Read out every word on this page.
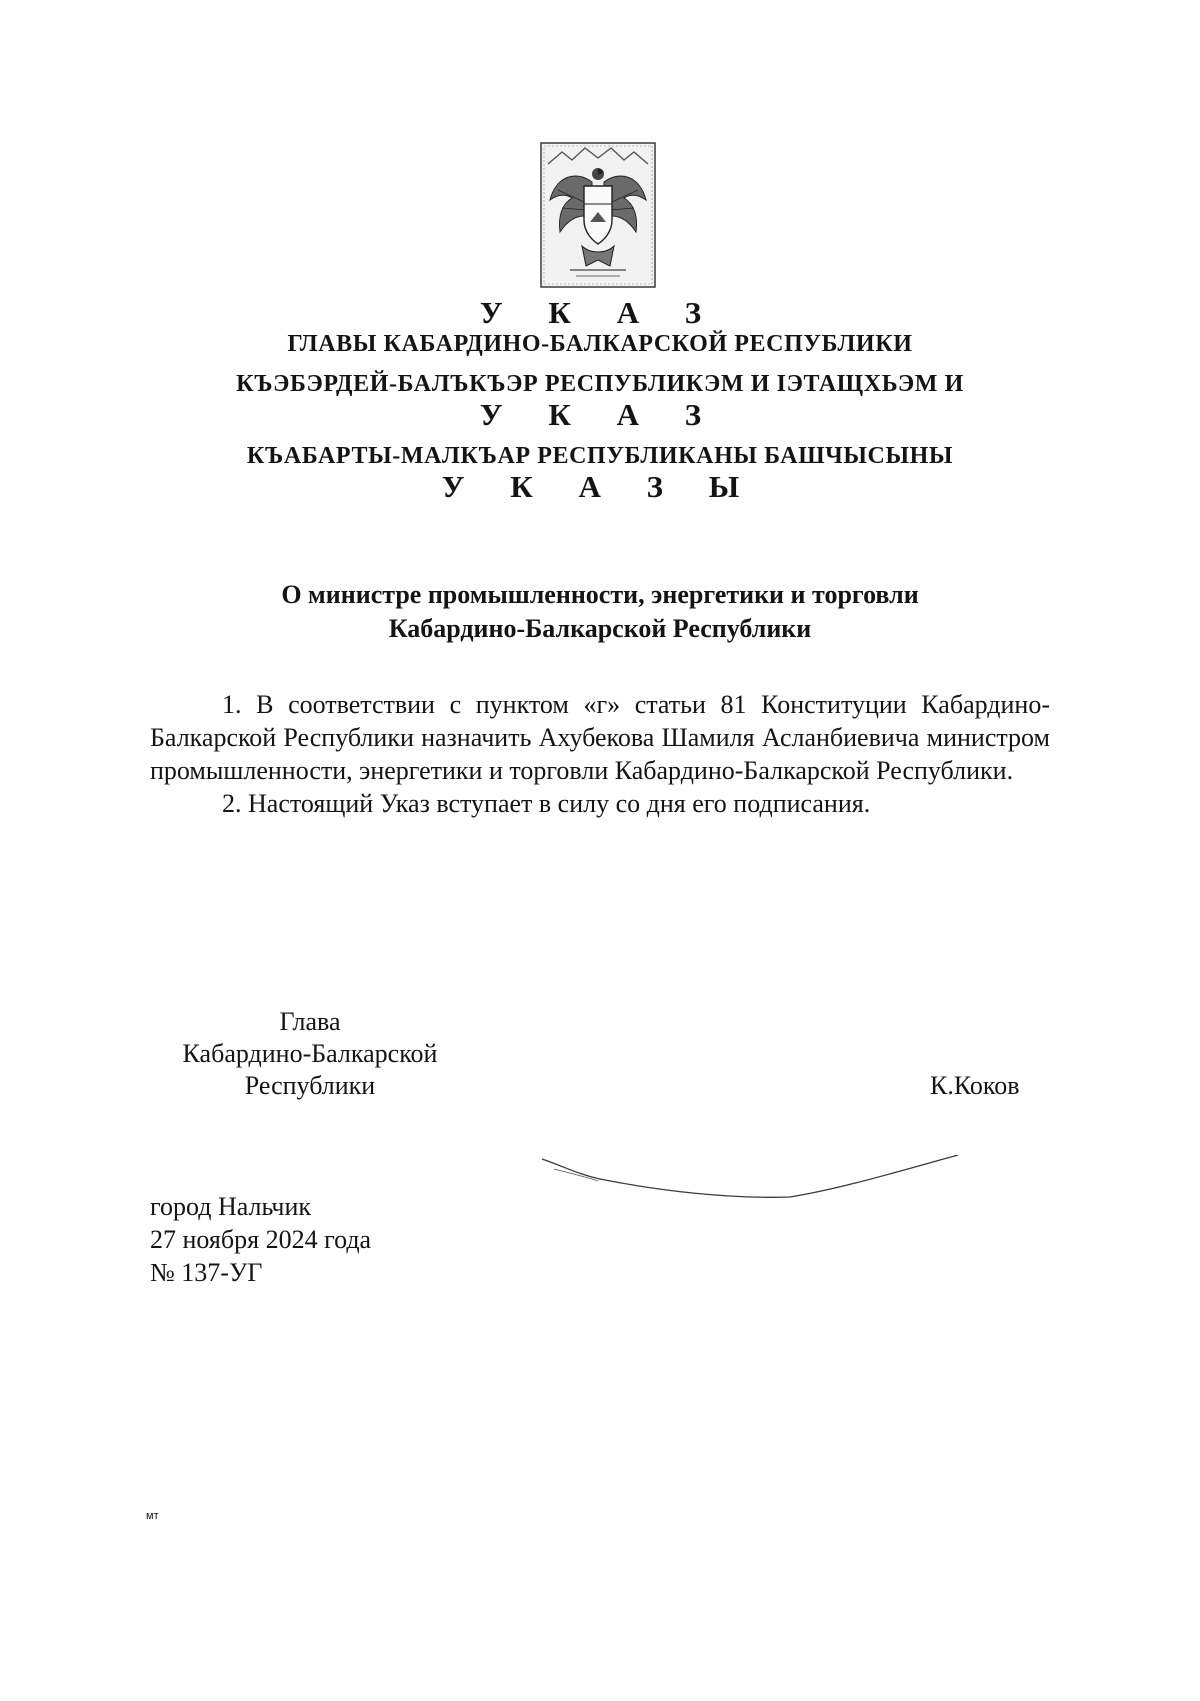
У К А З
ГЛАВЫ КАБАРДИНО-БАЛКАРСКОЙ РЕСПУБЛИКИ
КЪЭБЭРДЕЙ-БАЛЪКЪЭР РЕСПУБЛИКЭМ И ІЭТАЩХЬЭМ И
У К А З
КЪАБАРТЫ-МАЛКЪАР РЕСПУБЛИКАНЫ БАШЧЫСЫНЫ
У К А З Ы
О министре промышленности, энергетики и торговли
Кабардино-Балкарской Республики

1. В соответствии с пунктом «г» статьи 81 Конституции Кабардино-Балкарской Республики назначить Ахубекова Шамиля Асланбиевича министром промышленности, энергетики и торговли Кабардино-Балкарской Республики.

2. Настоящий Указ вступает в силу со дня его подписания.

Глава
Кабардино-Балкарской
Республики	К.Коков
город Нальчик
27 ноября 2024 года
№ 137-УГ
мт
